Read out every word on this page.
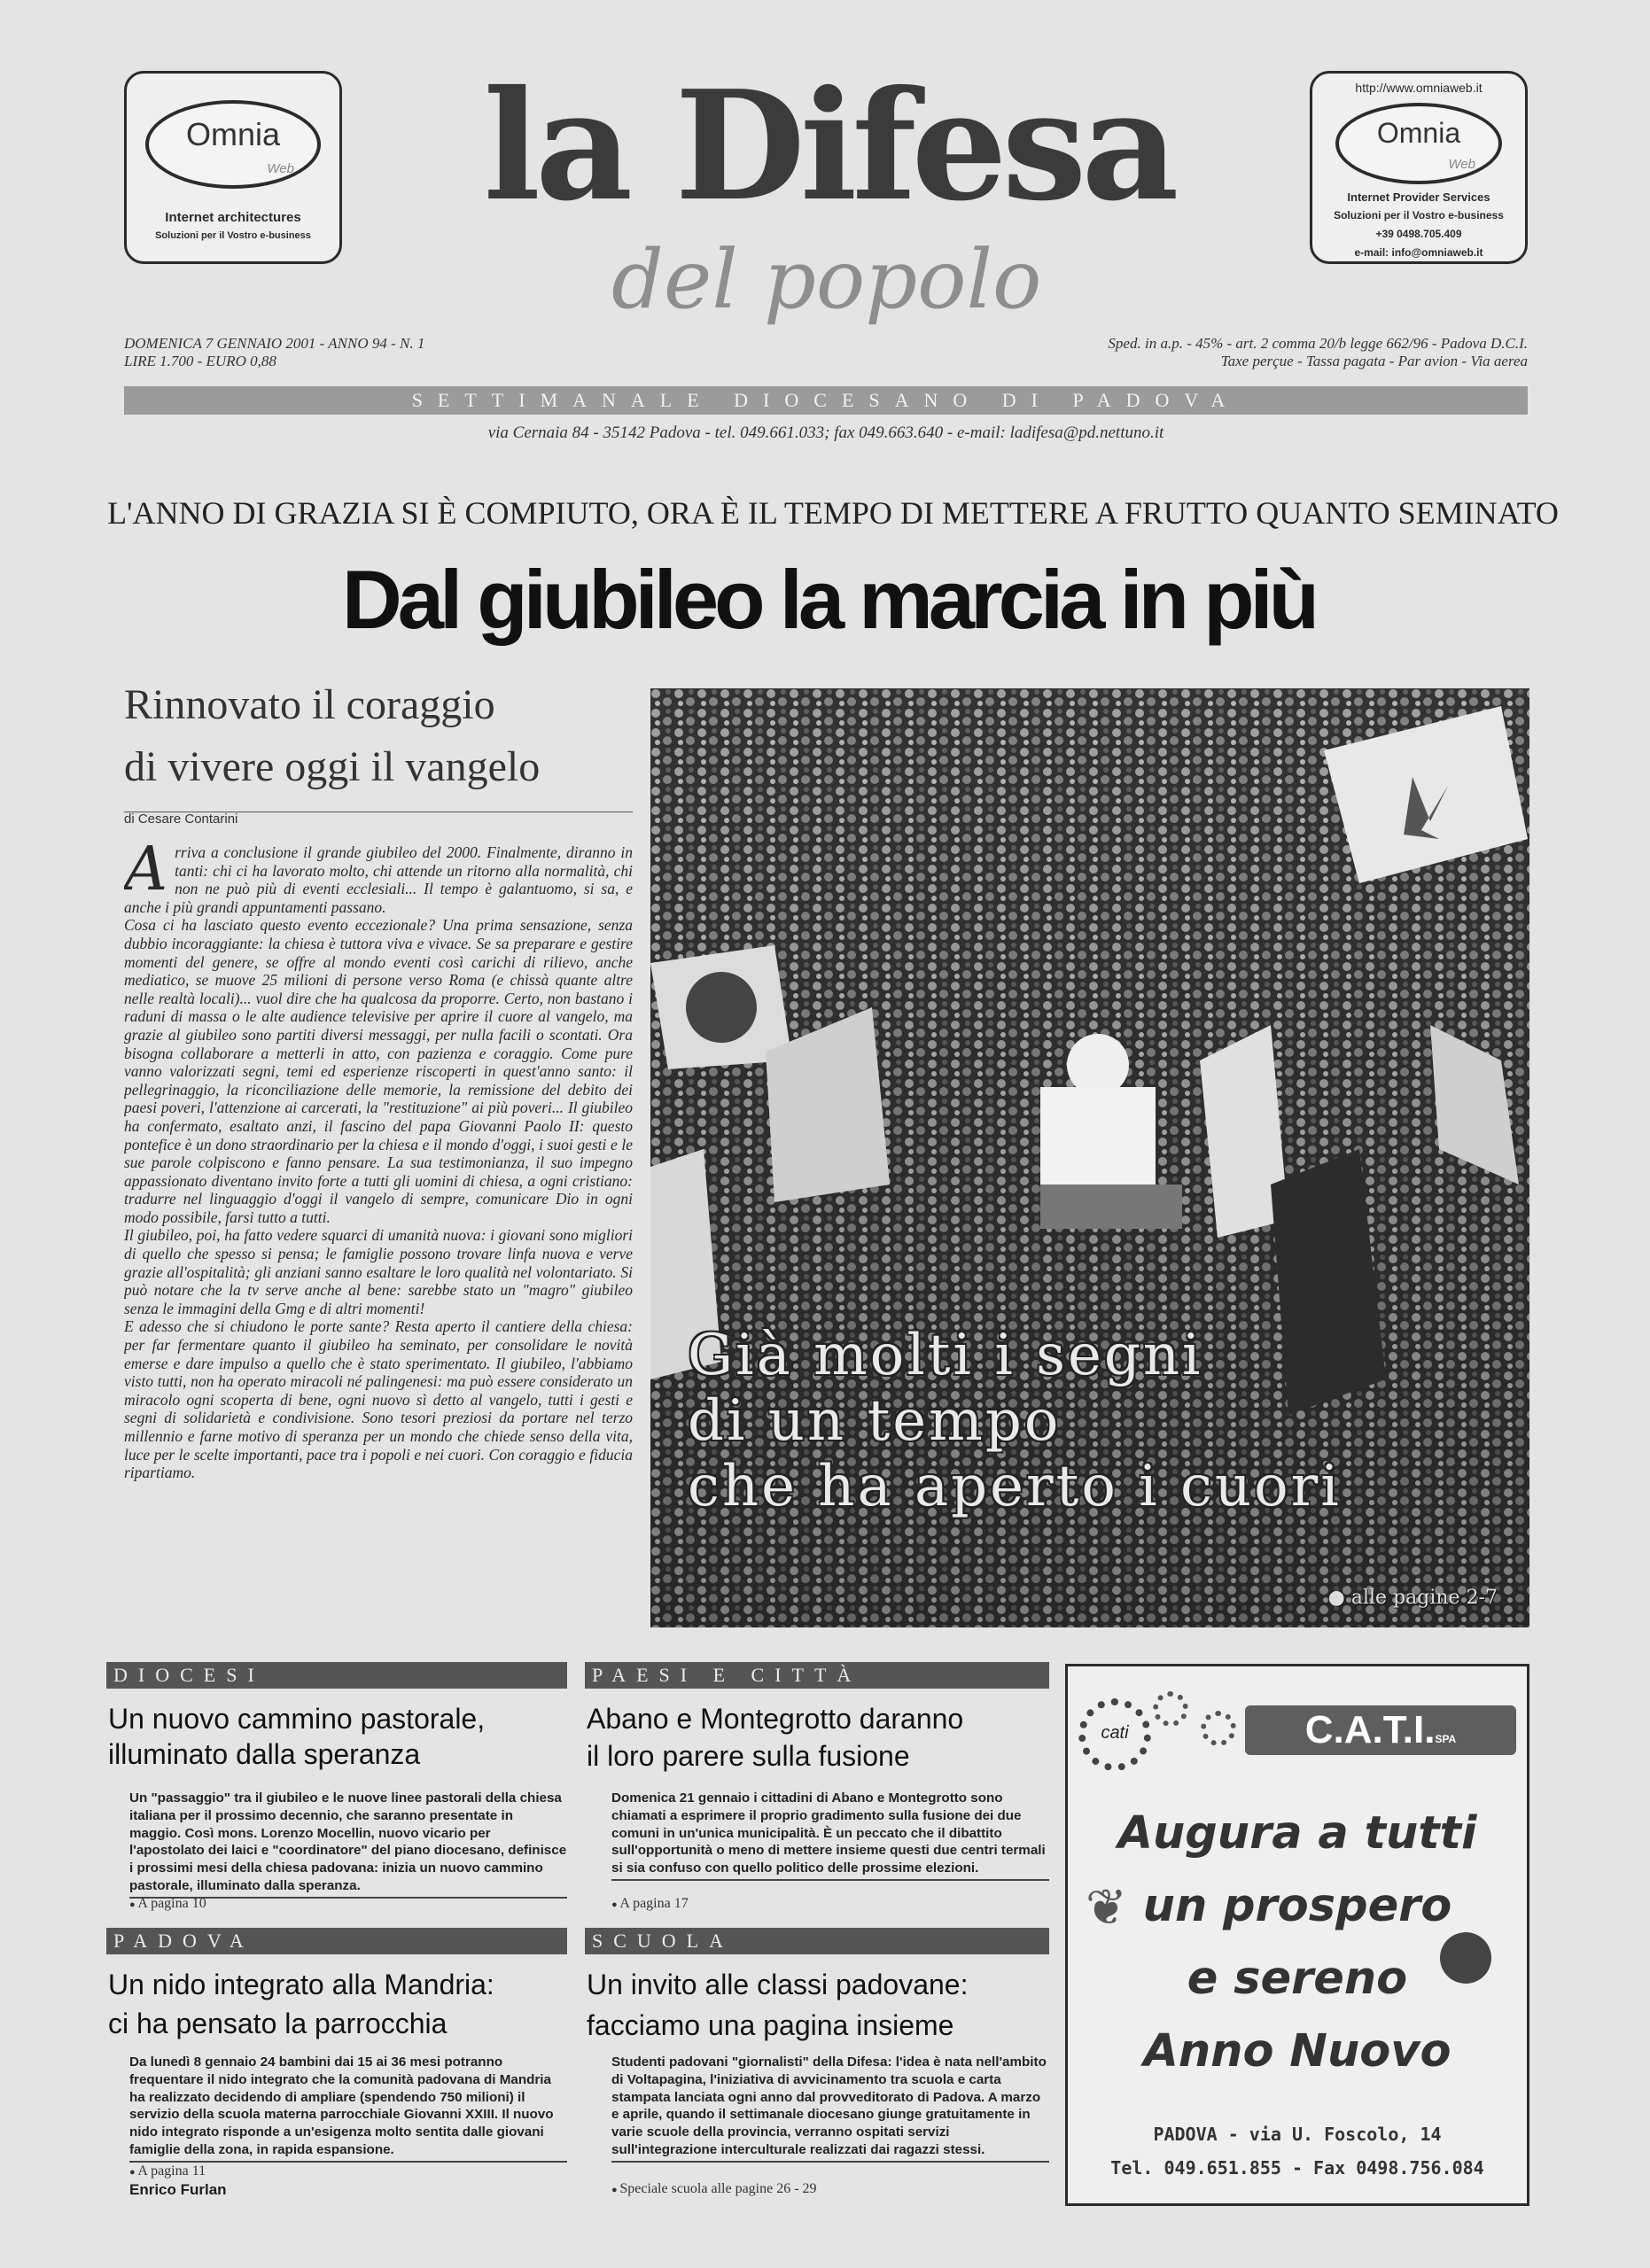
Omnia
Web
Internet architectures
Soluzioni per il Vostro e-business
http://www.omniaweb.it
Omnia
Web
Internet Provider Services
Soluzioni per il Vostro e-business
+39 0498.705.409
e-mail: info@omniaweb.it
la Difesa
del popolo
DOMENICA 7 GENNAIO 2001 - ANNO 94 - N. 1
LIRE 1.700 - EURO 0,88
Sped. in a.p. - 45% - art. 2 comma 20/b legge 662/96 - Padova D.C.I.
Taxe perçue - Tassa pagata - Par avion - Via aerea
SETTIMANALE DIOCESANO DI PADOVA
via Cernaia 84 - 35142 Padova - tel. 049.661.033; fax 049.663.640 - e-mail: ladifesa@pd.nettuno.it
L'ANNO DI GRAZIA SI È COMPIUTO, ORA È IL TEMPO DI METTERE A FRUTTO QUANTO SEMINATO
Dal giubileo la marcia in più
Rinnovato il coraggio
di vivere oggi il vangelo
di Cesare Contarini
A rriva a conclusione il grande giubileo del 2000. Finalmente, diranno in tanti: chi ci ha lavorato molto, chi attende un ritorno alla normalità, chi non ne può più di eventi ecclesiali... Il tempo è galantuomo, si sa, e anche i più grandi appuntamenti passano.

Cosa ci ha lasciato questo evento eccezionale? Una prima sensazione, senza dubbio incoraggiante: la chiesa è tuttora viva e vivace. Se sa preparare e gestire momenti del genere, se offre al mondo eventi così carichi di rilievo, anche mediatico, se muove 25 milioni di persone verso Roma (e chissà quante altre nelle realtà locali)... vuol dire che ha qualcosa da proporre. Certo, non bastano i raduni di massa o le alte audience televisive per aprire il cuore al vangelo, ma grazie al giubileo sono partiti diversi messaggi, per nulla facili o scontati. Ora bisogna collaborare a metterli in atto, con pazienza e coraggio. Come pure vanno valorizzati segni, temi ed esperienze riscoperti in quest'anno santo: il pellegrinaggio, la riconciliazione delle memorie, la remissione del debito dei paesi poveri, l'attenzione ai carcerati, la "restituzione" ai più poveri... Il giubileo ha confermato, esaltato anzi, il fascino del papa Giovanni Paolo II: questo pontefice è un dono straordinario per la chiesa e il mondo d'oggi, i suoi gesti e le sue parole colpiscono e fanno pensare. La sua testimonianza, il suo impegno appassionato diventano invito forte a tutti gli uomini di chiesa, a ogni cristiano: tradurre nel linguaggio d'oggi il vangelo di sempre, comunicare Dio in ogni modo possibile, farsi tutto a tutti.

Il giubileo, poi, ha fatto vedere squarci di umanità nuova: i giovani sono migliori di quello che spesso si pensa; le famiglie possono trovare linfa nuova e verve grazie all'ospitalità; gli anziani sanno esaltare le loro qualità nel volontariato. Si può notare che la tv serve anche al bene: sarebbe stato un "magro" giubileo senza le immagini della Gmg e di altri momenti!

E adesso che si chiudono le porte sante? Resta aperto il cantiere della chiesa: per far fermentare quanto il giubileo ha seminato, per consolidare le novità emerse e dare impulso a quello che è stato sperimentato. Il giubileo, l'abbiamo visto tutti, non ha operato miracoli né palingenesi: ma può essere considerato un miracolo ogni scoperta di bene, ogni nuovo sì detto al vangelo, tutti i gesti e segni di solidarietà e condivisione. Sono tesori preziosi da portare nel terzo millennio e farne motivo di speranza per un mondo che chiede senso della vita, luce per le scelte importanti, pace tra i popoli e nei cuori. Con coraggio e fiducia ripartiamo.

Già molti i segni
di un tempo
che ha aperto i cuori
● alle pagine 2-7
DIOCESI
Un nuovo cammino pastorale,
illuminato dalla speranza
Un "passaggio" tra il giubileo e le nuove linee pastorali della chiesa italiana per il prossimo decennio, che saranno presentate in maggio. Così mons. Lorenzo Mocellin, nuovo vicario per l'apostolato dei laici e "coordinatore" del piano diocesano, definisce i prossimi mesi della chiesa padovana: inizia un nuovo cammino pastorale, illuminato dalla speranza.
● A pagina 10
PAESI E CITTÀ
Abano e Montegrotto daranno
il loro parere sulla fusione
Domenica 21 gennaio i cittadini di Abano e Montegrotto sono chiamati a esprimere il proprio gradimento sulla fusione dei due comuni in un'unica municipalità. È un peccato che il dibattito sull'opportunità o meno di mettere insieme questi due centri termali si sia confuso con quello politico delle prossime elezioni.
● A pagina 17
PADOVA
Un nido integrato alla Mandria:
ci ha pensato la parrocchia
Da lunedì 8 gennaio 24 bambini dai 15 ai 36 mesi potranno frequentare il nido integrato che la comunità padovana di Mandria ha realizzato decidendo di ampliare (spendendo 750 milioni) il servizio della scuola materna parrocchiale Giovanni XXIII. Il nuovo nido integrato risponde a un'esigenza molto sentita dalle giovani famiglie della zona, in rapida espansione.
● A pagina 11
Enrico Furlan
SCUOLA
Un invito alle classi padovane:
facciamo una pagina insieme
Studenti padovani "giornalisti" della Difesa: l'idea è nata nell'ambito di Voltapagina, l'iniziativa di avvicinamento tra scuola e carta stampata lanciata ogni anno dal provveditorato di Padova. A marzo e aprile, quando il settimanale diocesano giunge gratuitamente in varie scuole della provincia, verranno ospitati servizi sull'integrazione interculturale realizzati dai ragazzi stessi.
● Speciale scuola alle pagine 26 - 29
cati	C.A.T.I.SPA
❦
Augura a tutti
un prospero
e sereno
Anno Nuovo
PADOVA - via U. Foscolo, 14
Tel. 049.651.855 - Fax 0498.756.084
